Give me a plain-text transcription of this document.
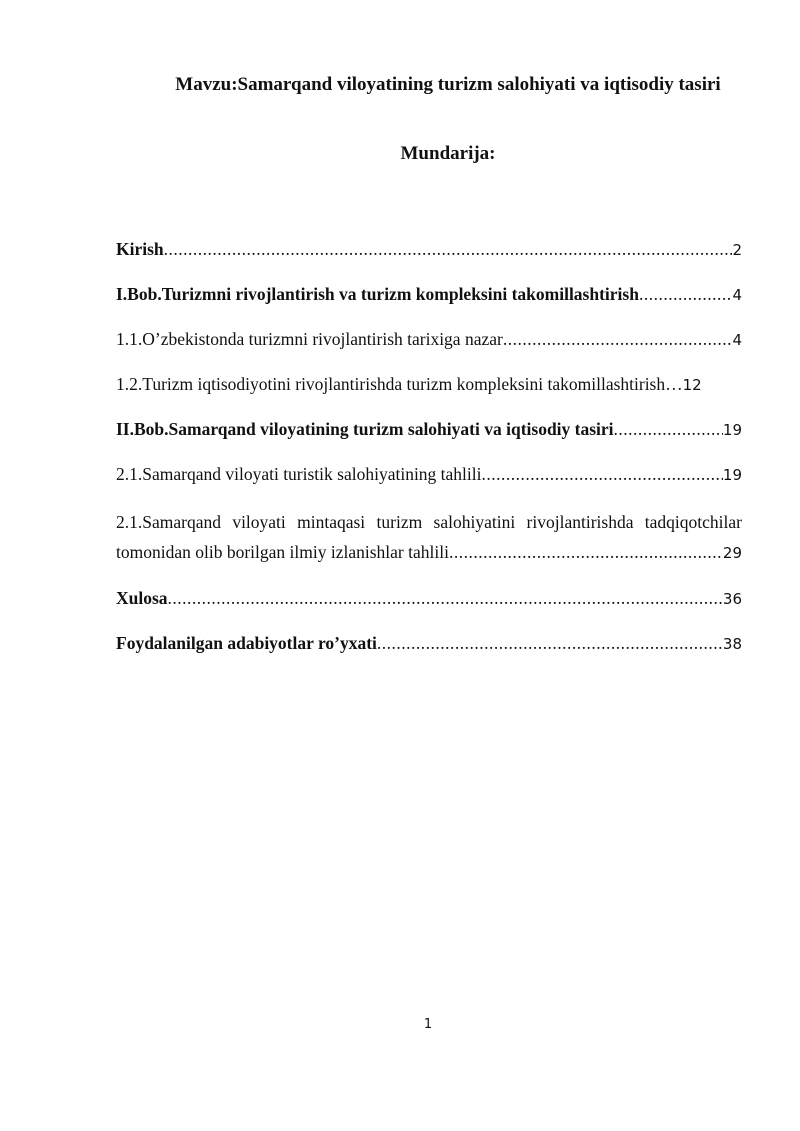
Mavzu:Samarqand viloyatining turizm salohiyati va iqtisodiy tasiri
Mundarija:
Kirish .....	2
I.Bob.Turizmni rivojlantirish va turizm kompleksini takomillashtirish .....	4
1.1.O’zbekistonda turizmni rivojlantirish tarixiga nazar .....	4
1.2.Turizm iqtisodiyotini rivojlantirishda turizm kompleksini takomillashtirish… 12
II.Bob.Samarqand viloyatining turizm salohiyati va iqtisodiy tasiri .....	19
2.1.Samarqand viloyati turistik salohiyatining tahlili .....	19
2.1.Samarqand viloyati mintaqasi turizm salohiyatini rivojlantirishda tadqiqotchilar
tomonidan olib borilgan ilmiy izlanishlar tahlili .....	29
Xulosa .....	36
Foydalanilgan adabiyotlar ro’yxati .....	38
1
